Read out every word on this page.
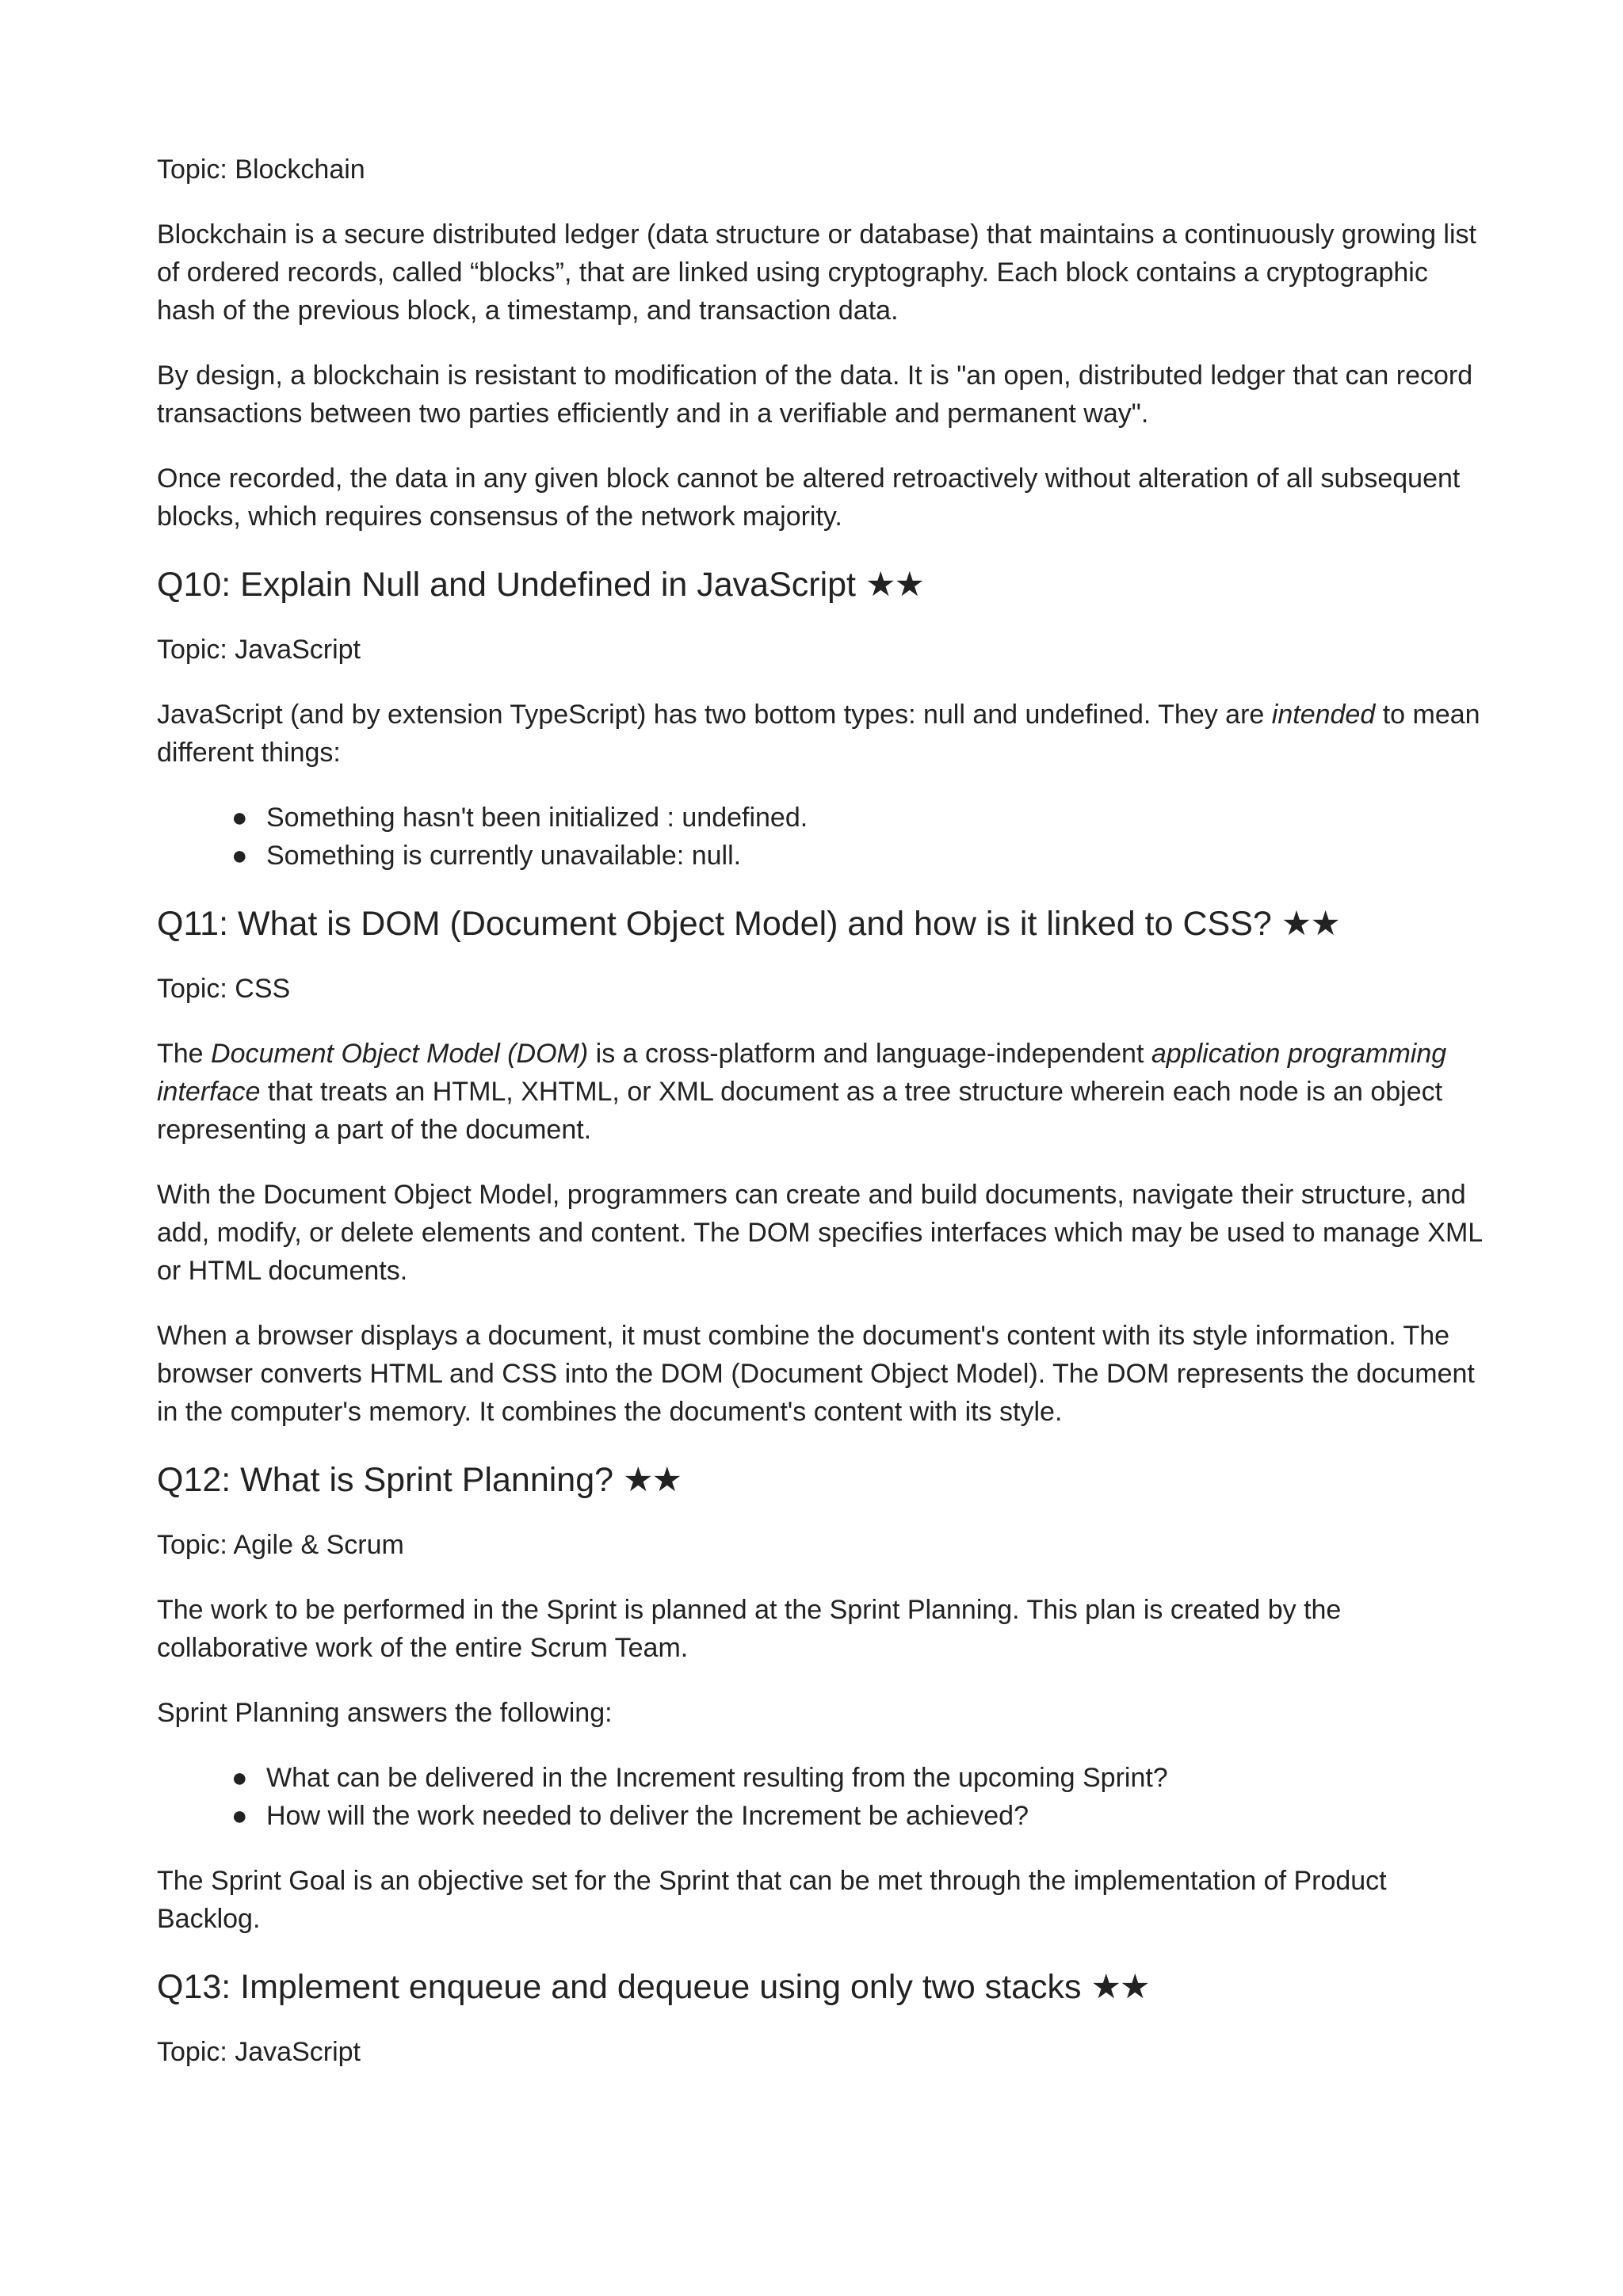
Topic: Blockchain

Blockchain is a secure distributed ledger (data structure or database) that maintains a continuously growing list of ordered records, called “blocks”, that are linked using cryptography. Each block contains a cryptographic hash of the previous block, a timestamp, and transaction data.

By design, a blockchain is resistant to modification of the data. It is "an open, distributed ledger that can record transactions between two parties efficiently and in a verifiable and permanent way".

Once recorded, the data in any given block cannot be altered retroactively without alteration of all subsequent blocks, which requires consensus of the network majority.

Q10: Explain Null and Undefined in JavaScript ★★

Topic: JavaScript

JavaScript (and by extension TypeScript) has two bottom types: null and undefined. They are intended to mean different things:

● Something hasn't been initialized : undefined.
● Something is currently unavailable: null.
Q11: What is DOM (Document Object Model) and how is it linked to CSS? ★★

Topic: CSS

The Document Object Model (DOM) is a cross-platform and language-independent application programming interface that treats an HTML, XHTML, or XML document as a tree structure wherein each node is an object representing a part of the document.

With the Document Object Model, programmers can create and build documents, navigate their structure, and add, modify, or delete elements and content. The DOM specifies interfaces which may be used to manage XML or HTML documents.

When a browser displays a document, it must combine the document's content with its style information. The browser converts HTML and CSS into the DOM (Document Object Model). The DOM represents the document in the computer's memory. It combines the document's content with its style.

Q12: What is Sprint Planning? ★★

Topic: Agile & Scrum

The work to be performed in the Sprint is planned at the Sprint Planning. This plan is created by the collaborative work of the entire Scrum Team.

Sprint Planning answers the following:

● What can be delivered in the Increment resulting from the upcoming Sprint?
● How will the work needed to deliver the Increment be achieved?

The Sprint Goal is an objective set for the Sprint that can be met through the implementation of Product Backlog.

Q13: Implement enqueue and dequeue using only two stacks ★★

Topic: JavaScript
